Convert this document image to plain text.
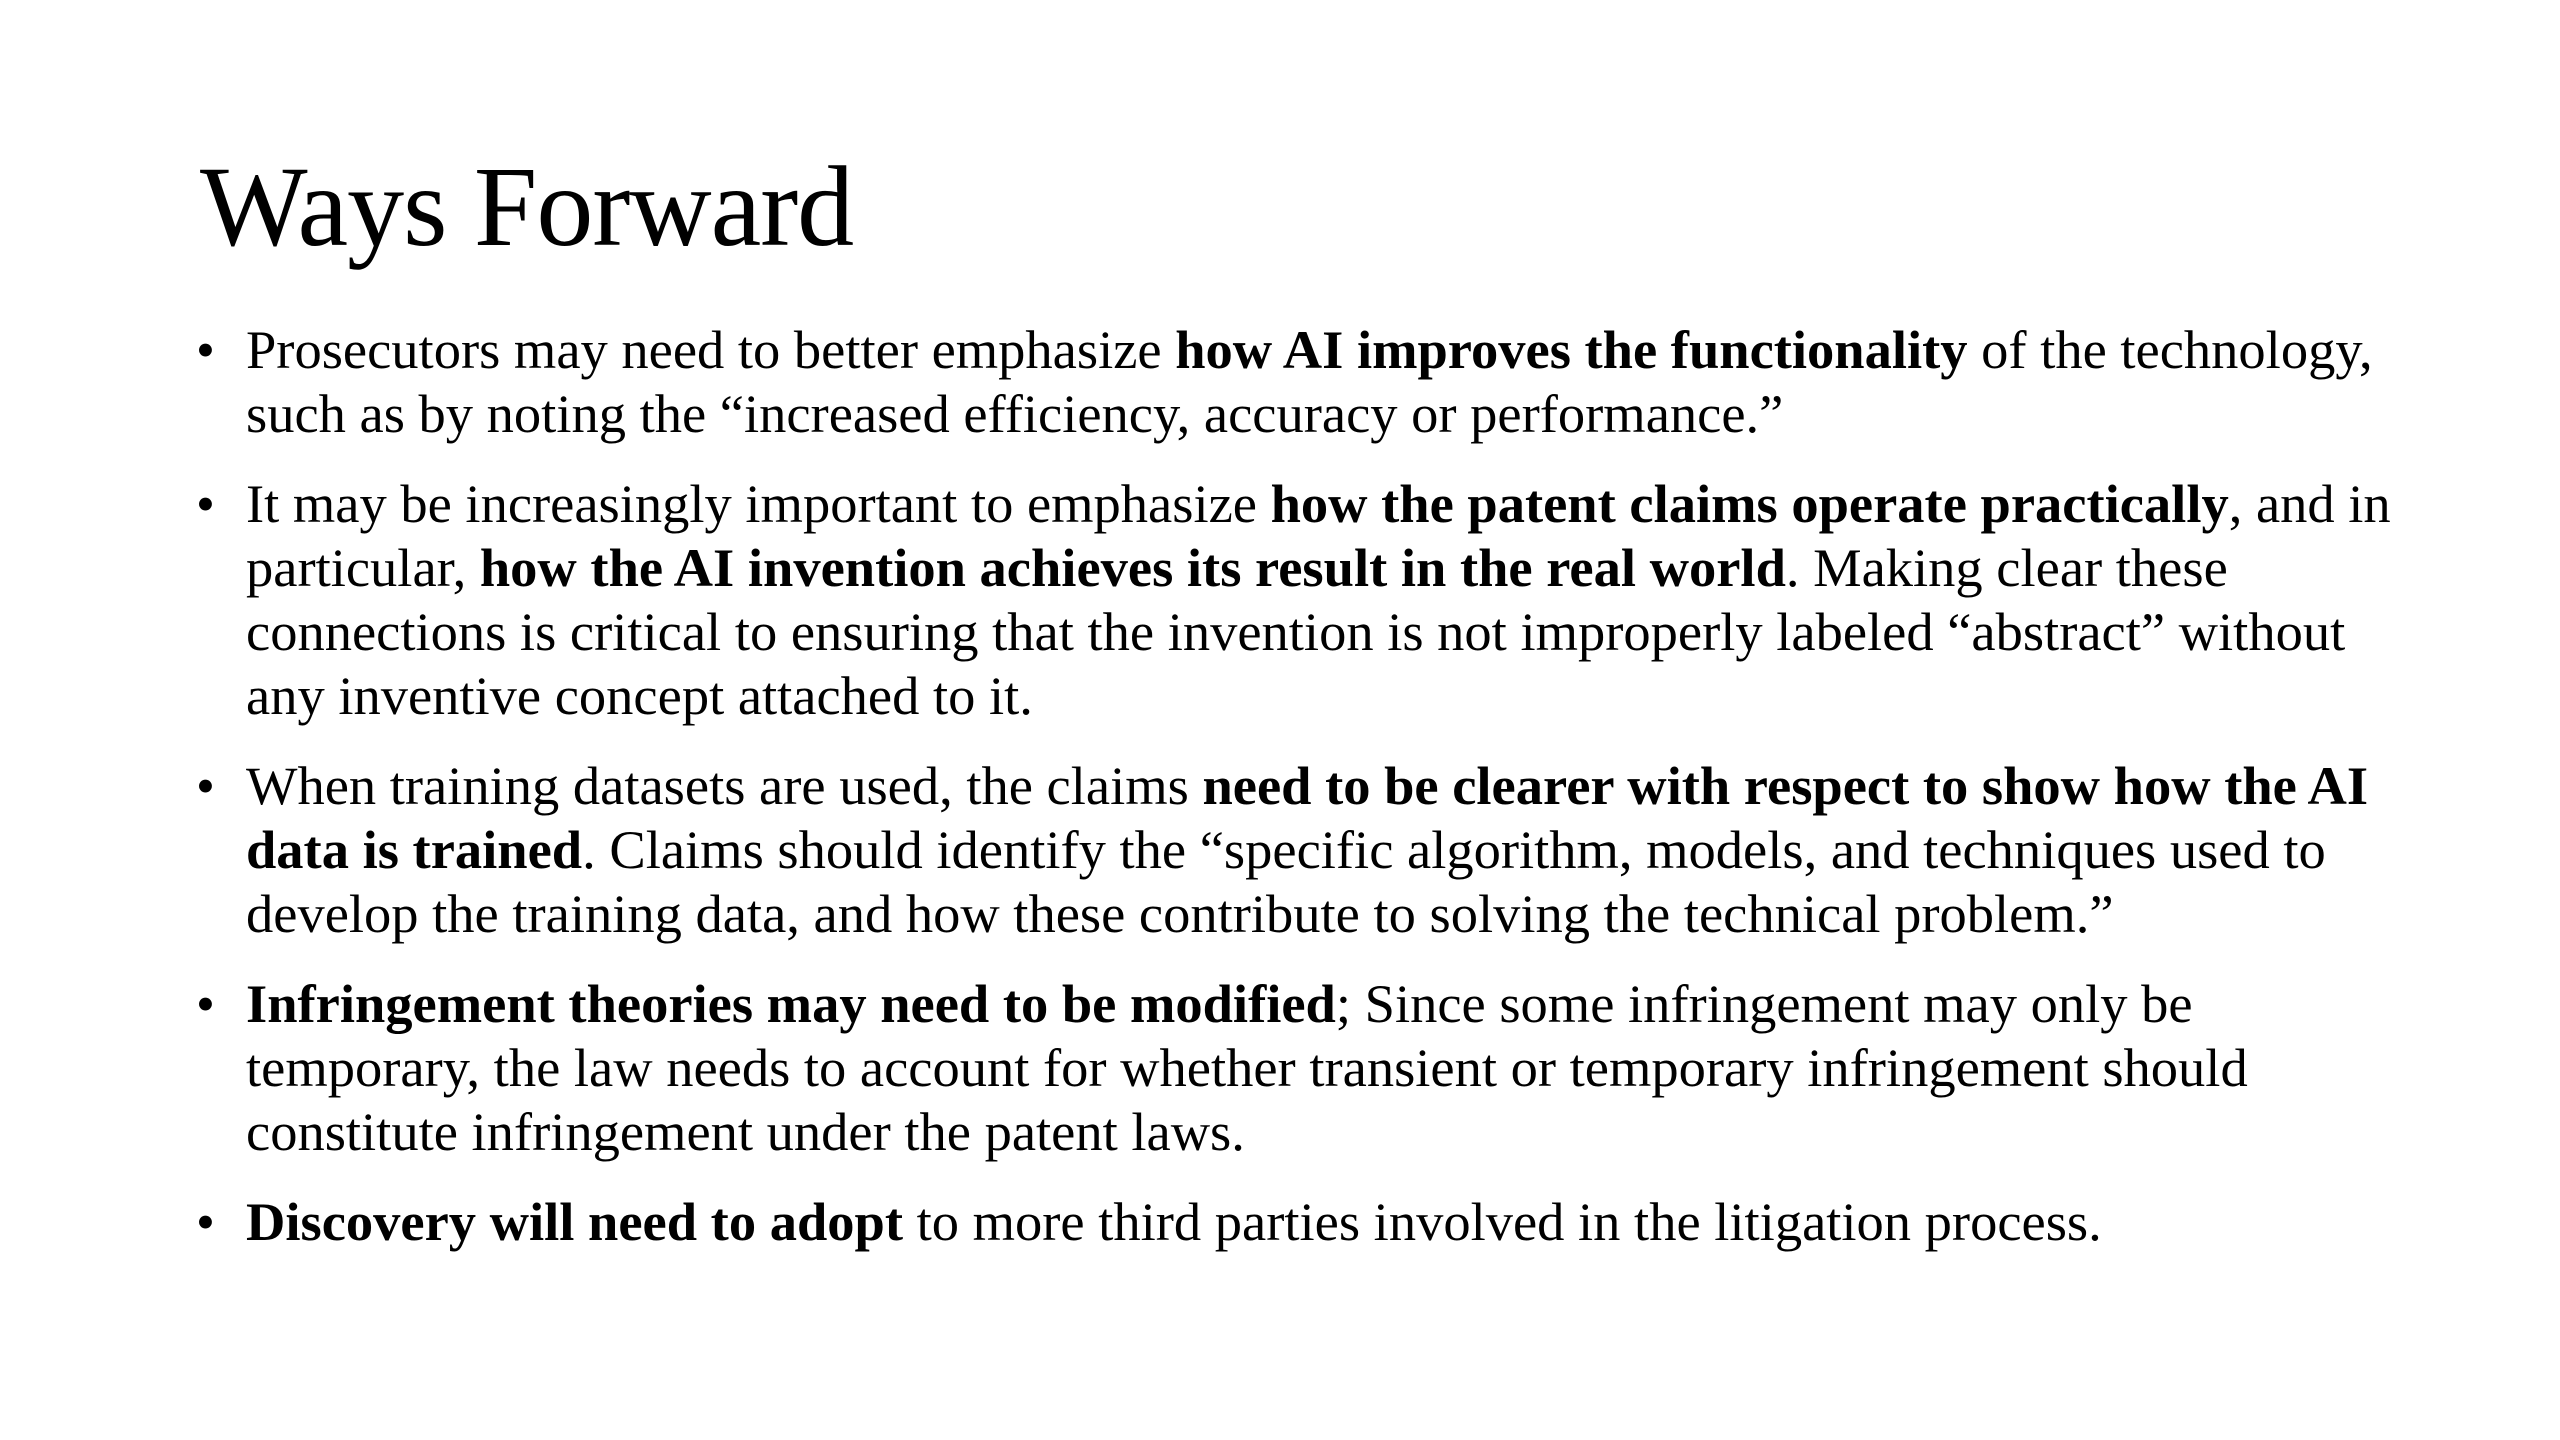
Ways Forward
• Prosecutors may need to better emphasize how AI improves the functionality of the technology, such as by noting the “increased efficiency, accuracy or performance.”
• It may be increasingly important to emphasize how the patent claims operate practically, and in particular, how the AI invention achieves its result in the real world. Making clear these connections is critical to ensuring that the invention is not improperly labeled “abstract” without any inventive concept attached to it.
• When training datasets are used, the claims need to be clearer with respect to show how the AI data is trained. Claims should identify the “specific algorithm, models, and techniques used to develop the training data, and how these contribute to solving the technical problem.”
• Infringement theories may need to be modified; Since some infringement may only be temporary, the law needs to account for whether transient or temporary infringement should constitute infringement under the patent laws.
• Discovery will need to adopt to more third parties involved in the litigation process.
